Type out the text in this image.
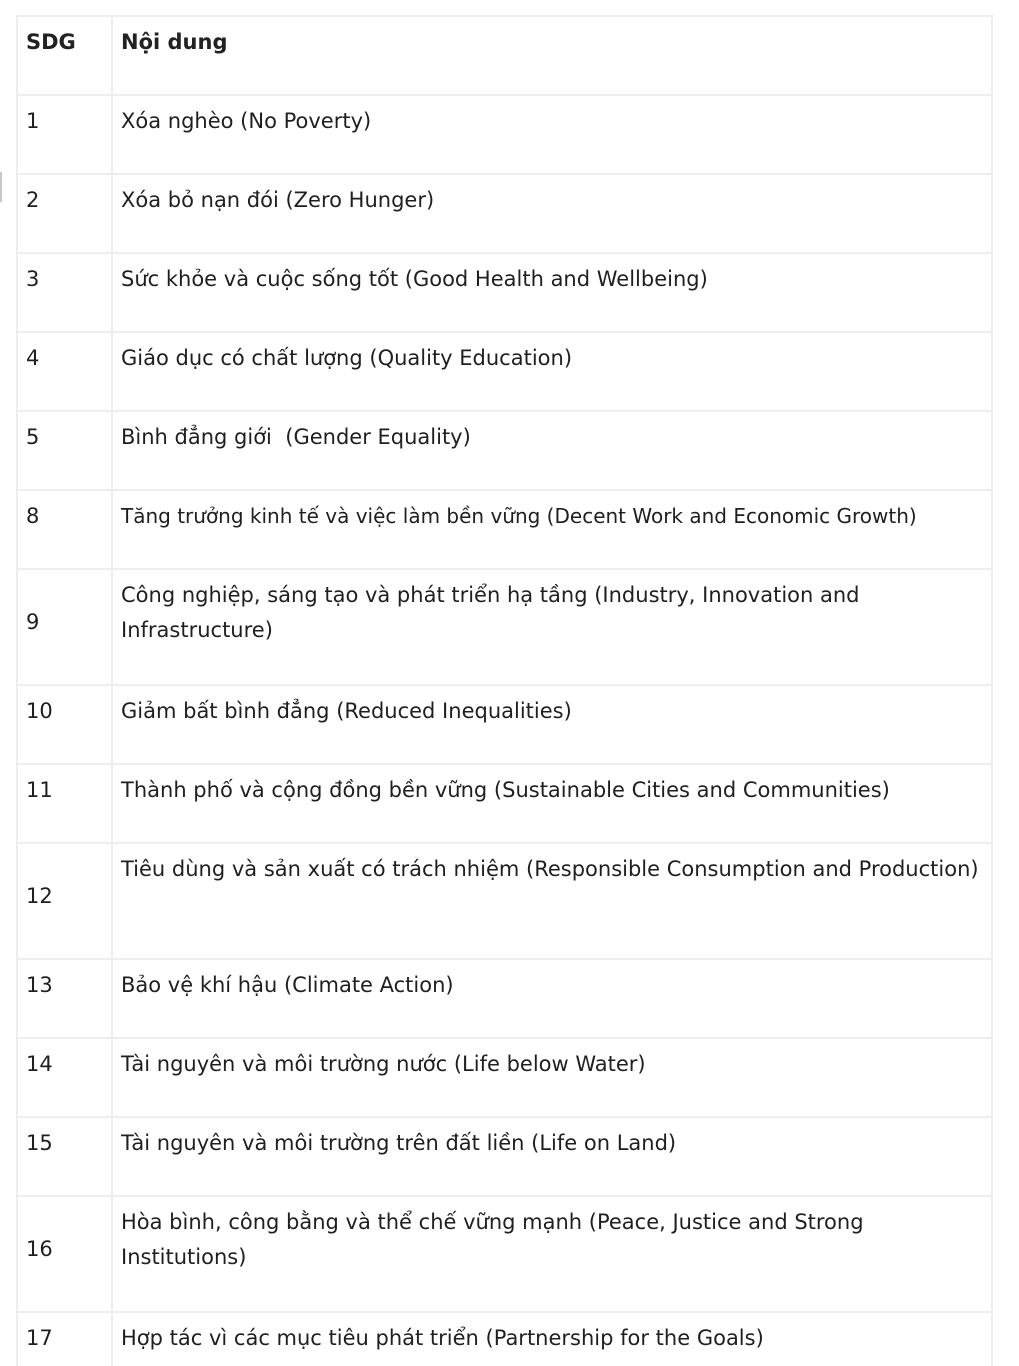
SDG	Nội dung
1	Xóa nghèo (No Poverty)
2	Xóa bỏ nạn đói (Zero Hunger)
3	Sức khỏe và cuộc sống tốt (Good Health and Wellbeing)
4	Giáo dục có chất lượng (Quality Education)
5	Bình đẳng giới  (Gender Equality)
8	Tăng trưởng kinh tế và việc làm bền vững (Decent Work and Economic Growth)
9	Công nghiệp, sáng tạo và phát triển hạ tầng (Industry, Innovation and Infrastructure)
10	Giảm bất bình đẳng (Reduced Inequalities)
11	Thành phố và cộng đồng bền vững (Sustainable Cities and Communities)
12	Tiêu dùng và sản xuất có trách nhiệm (Responsible Consumption and Production)
13	Bảo vệ khí hậu (Climate Action)
14	Tài nguyên và môi trường nước (Life below Water)
15	Tài nguyên và môi trường trên đất liền (Life on Land)
16	Hòa bình, công bằng và thể chế vững mạnh (Peace, Justice and Strong Institutions)
17	Hợp tác vì các mục tiêu phát triển (Partnership for the Goals)
